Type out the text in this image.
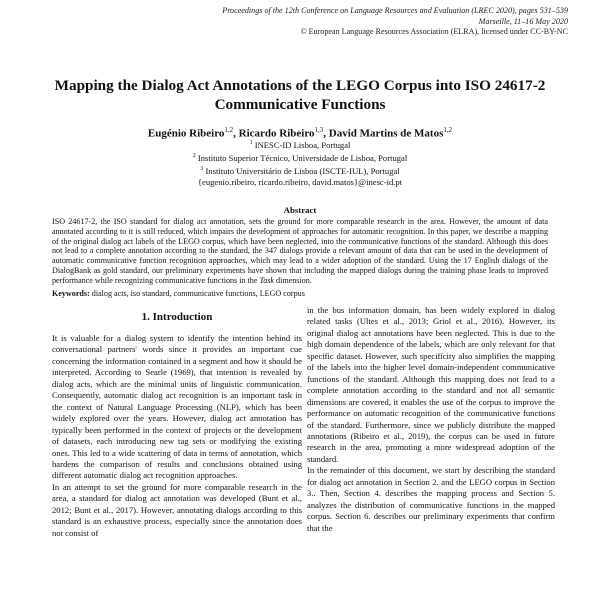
Proceedings of the 12th Conference on Language Resources and Evaluation (LREC 2020), pages 531–539
Marseille, 11–16 May 2020
© European Language Resources Association (ELRA), licensed under CC-BY-NC
Mapping the Dialog Act Annotations of the LEGO Corpus into ISO 24617-2 Communicative Functions
Eugénio Ribeiro$^{1,2}$, Ricardo Ribeiro$^{1,3}$, David Martins de Matos$^{1,2}$
$^1$ INESC-ID Lisboa, Portugal
$^2$ Instituto Superior Técnico, Universidade de Lisboa, Portugal
$^3$ Instituto Universitário de Lisboa (ISCTE-IUL), Portugal
{eugenio.ribeiro, ricardo.ribeiro, david.matos}@inesc-id.pt
Abstract
ISO 24617-2, the ISO standard for dialog act annotation, sets the ground for more comparable research in the area. However, the amount of data annotated according to it is still reduced, which impairs the development of approaches for automatic recognition. In this paper, we describe a mapping of the original dialog act labels of the LEGO corpus, which have been neglected, into the communicative functions of the standard. Although this does not lead to a complete annotation according to the standard, the 347 dialogs provide a relevant amount of data that can be used in the development of automatic communicative function recognition approaches, which may lead to a wider adoption of the standard. Using the 17 English dialogs of the DialogBank as gold standard, our preliminary experiments have shown that including the mapped dialogs during the training phase leads to improved performance while recognizing communicative functions in the Task dimension.
Keywords: dialog acts, iso standard, communicative functions, LEGO corpus
1. Introduction

It is valuable for a dialog system to identify the intention behind its conversational partners' words since it provides an important cue concerning the information contained in a segment and how it should be interpreted. According to Searle (1969), that intention is revealed by dialog acts, which are the minimal units of linguistic communication. Consequently, automatic dialog act recognition is an important task in the context of Natural Language Processing (NLP), which has been widely explored over the years. However, dialog act annotation has typically been performed in the context of projects or the development of datasets, each introducing new tag sets or modifying the existing ones. This led to a wide scattering of data in terms of annotation, which hardens the comparison of results and conclusions obtained using different automatic dialog act recognition approaches.

In an attempt to set the ground for more comparable research in the area, a standard for dialog act annotation was developed (Bunt et al., 2012; Bunt et al., 2017). However, annotating dialogs according to this standard is an exhaustive process, especially since the annotation does not consist of

in the bus information domain, has been widely explored in dialog related tasks (Ultes et al., 2013; Griol et al., 2016). However, its original dialog act annotations have been neglected. This is due to the high domain dependence of the labels, which are only relevant for that specific dataset. However, such specificity also simplifies the mapping of the labels into the higher level domain-independent communicative functions of the standard. Although this mapping does not lead to a complete annotation according to the standard and not all semantic dimensions are covered, it enables the use of the corpus to improve the performance on automatic recognition of the communicative functions of the standard. Furthermore, since we publicly distribute the mapped annotations (Ribeiro et al., 2019), the corpus can be used in future research in the area, promoting a more widespread adoption of the standard.

In the remainder of this document, we start by describing the standard for dialog act annotation in Section 2. and the LEGO corpus in Section 3.. Then, Section 4. describes the mapping process and Section 5. analyzes the distribution of communicative functions in the mapped corpus. Section 6. describes our preliminary experiments that confirm that the
